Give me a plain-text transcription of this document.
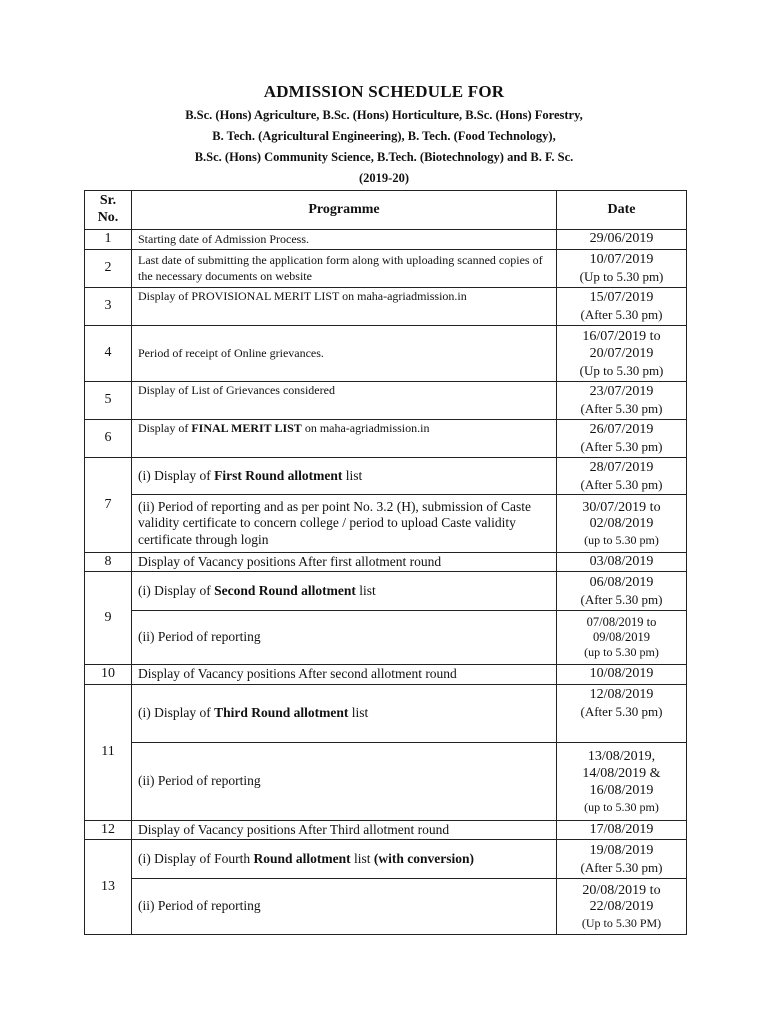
ADMISSION SCHEDULE FOR
B.Sc. (Hons) Agriculture, B.Sc. (Hons) Horticulture, B.Sc. (Hons) Forestry,
B. Tech. (Agricultural Engineering), B. Tech. (Food Technology),
B.Sc. (Hons) Community Science, B.Tech. (Biotechnology) and B. F. Sc.
(2019-20)
Sr.
No.	Programme	Date
1	Starting date of Admission Process.	29/06/2019
2	Last date of submitting the application form along with uploading scanned copies of the necessary documents on website	10/07/2019
(Up to 5.30 pm)

3	Display of PROVISIONAL MERIT LIST on maha-agriadmission.in	15/07/2019
(After 5.30 pm)

4	Period of receipt of Online grievances.	16/07/2019 to
20/07/2019
(Up to 5.30 pm)

5	Display of List of Grievances considered	23/07/2019
(After 5.30 pm)

6	Display of FINAL MERIT LIST on maha-agriadmission.in	26/07/2019
(After 5.30 pm)

7	(i) Display of First Round allotment list	28/07/2019
(After 5.30 pm)

	(ii) Period of reporting and as per point No. 3.2 (H), submission of Caste validity certificate to concern college / period to upload Caste validity certificate through login	30/07/2019 to
02/08/2019
(up to 5.30 pm)

8	Display of Vacancy positions After first allotment round	03/08/2019
9	(i) Display of Second Round allotment list	06/08/2019
(After 5.30 pm)

	(ii) Period of reporting	07/08/2019 to
09/08/2019
(up to 5.30 pm)

10	Display of Vacancy positions After second allotment round	10/08/2019
11	(i) Display of Third Round allotment list	12/08/2019
(After 5.30 pm)

	(ii) Period of reporting	13/08/2019,
14/08/2019 &
16/08/2019
(up to 5.30 pm)

12	Display of Vacancy positions After Third allotment round	17/08/2019
13	(i) Display of Fourth Round allotment list (with conversion)	19/08/2019
(After 5.30 pm)

	(ii) Period of reporting	20/08/2019 to
22/08/2019
(Up to 5.30 PM)
